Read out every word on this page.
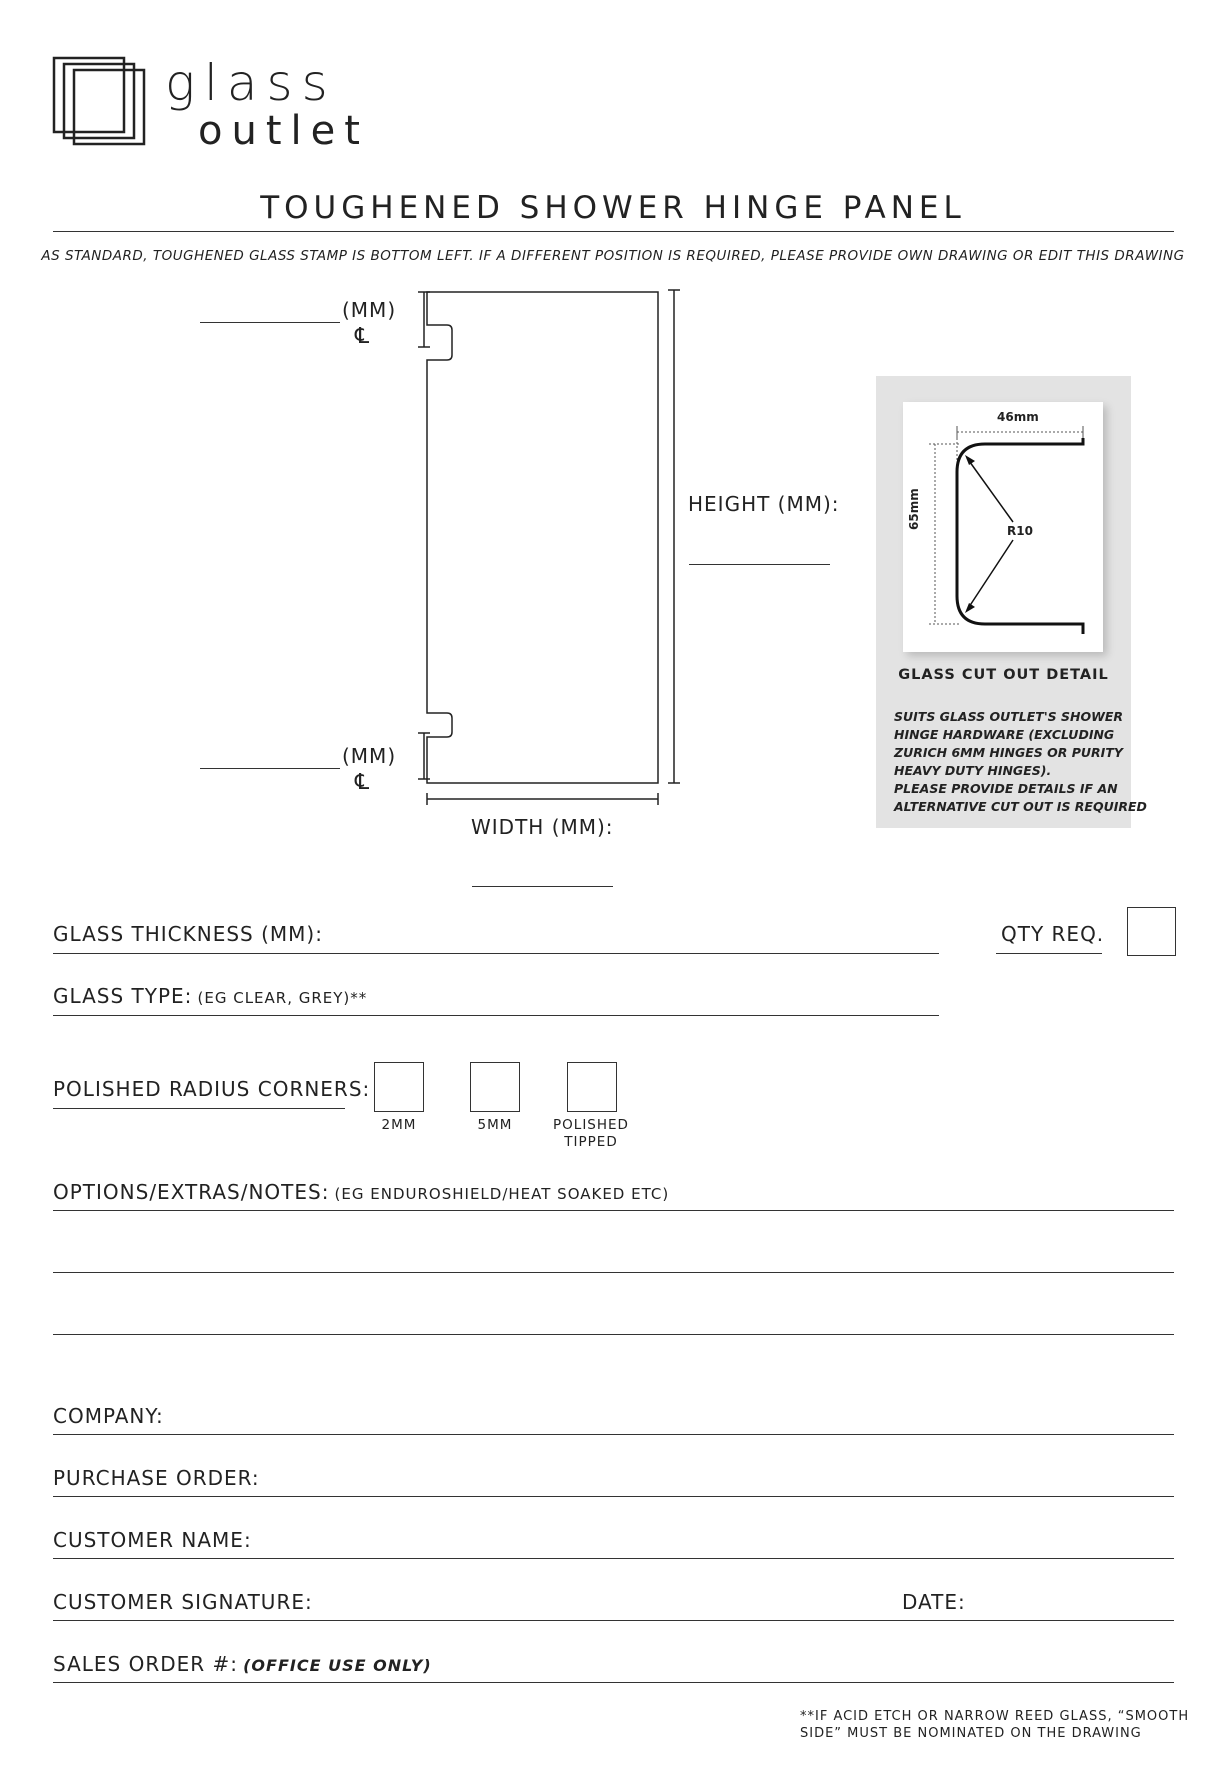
glass
outlet
TOUGHENED SHOWER HINGE PANEL
AS STANDARD, TOUGHENED GLASS STAMP IS BOTTOM LEFT. IF A DIFFERENT POSITION IS REQUIRED, PLEASE PROVIDE OWN DRAWING OR EDIT THIS DRAWING
(MM)
℄
(MM)
℄
HEIGHT (MM):
WIDTH (MM):
46mm
65mm
R10
GLASS CUT OUT DETAIL
SUITS GLASS OUTLET'S SHOWER
HINGE HARDWARE (EXCLUDING
ZURICH 6MM HINGES OR PURITY
HEAVY DUTY HINGES).
PLEASE PROVIDE DETAILS IF AN
ALTERNATIVE CUT OUT IS REQUIRED
GLASS THICKNESS (MM):	QTY REQ.
GLASS TYPE: (EG CLEAR, GREY)**
POLISHED RADIUS CORNERS:
2MM	5MM	POLISHED
TIPPED
OPTIONS/EXTRAS/NOTES: (EG ENDUROSHIELD/HEAT SOAKED ETC)
COMPANY:
PURCHASE ORDER:
CUSTOMER NAME:
CUSTOMER SIGNATURE:	DATE:
SALES ORDER #: (OFFICE USE ONLY)
**IF ACID ETCH OR NARROW REED GLASS, “SMOOTH
SIDE” MUST BE NOMINATED ON THE DRAWING
